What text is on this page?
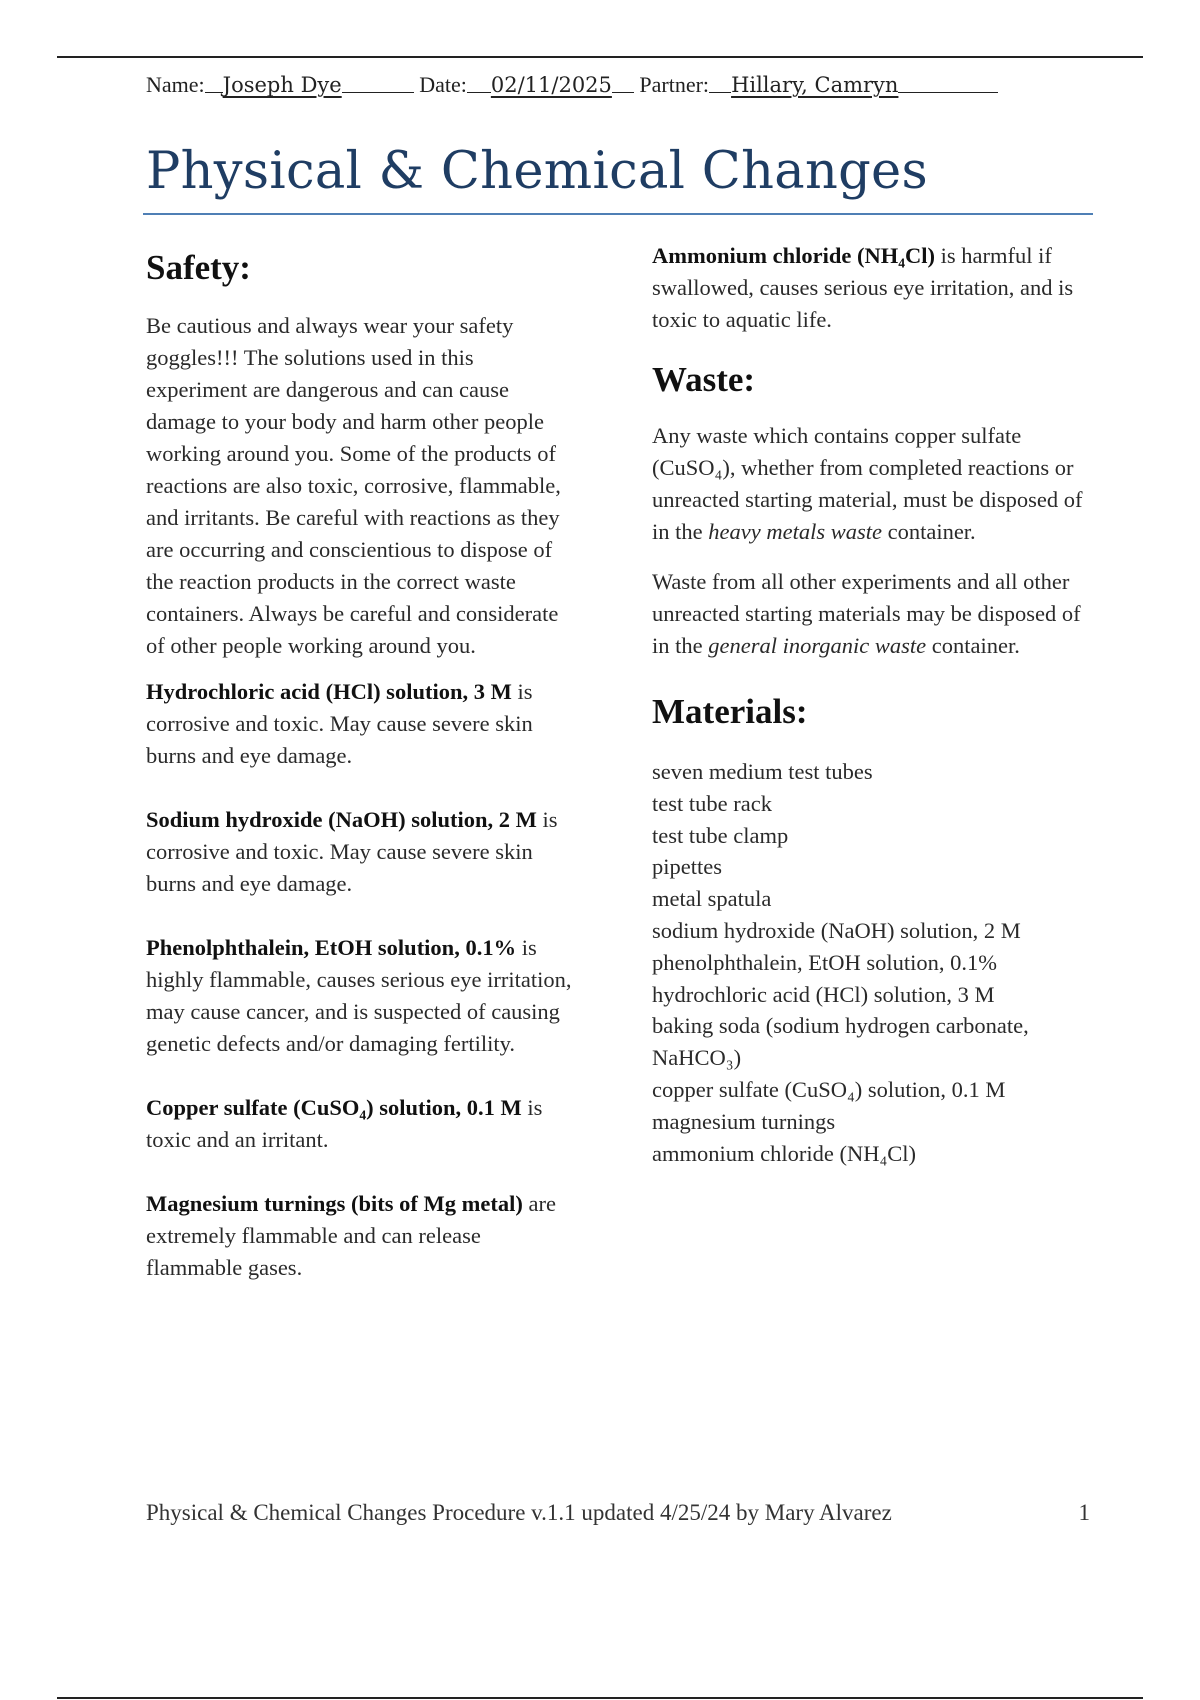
Name: Joseph Dye	Date: 02/11/2025 Partner: Hillary, Camryn
Physical & Chemical Changes
Safety:

Be cautious and always wear your safety goggles!!! The solutions used in this experiment are dangerous and can cause damage to your body and harm other people working around you. Some of the products of reactions are also toxic, corrosive, flammable, and irritants. Be careful with reactions as they are occurring and conscientious to dispose of the reaction products in the correct waste containers. Always be careful and considerate of other people working around you.

Hydrochloric acid (HCl) solution, 3 M is corrosive and toxic. May cause severe skin burns and eye damage.

Sodium hydroxide (NaOH) solution, 2 M is corrosive and toxic. May cause severe skin burns and eye damage.

Phenolphthalein, EtOH solution, 0.1% is highly flammable, causes serious eye irritation, may cause cancer, and is suspected of causing genetic defects and/or damaging fertility.

Copper sulfate (CuSO₄) solution, 0.1 M is toxic and an irritant.

Magnesium turnings (bits of Mg metal) are extremely flammable and can release flammable gases.

Ammonium chloride (NH₄Cl) is harmful if swallowed, causes serious eye irritation, and is toxic to aquatic life.

Waste:

Any waste which contains copper sulfate (CuSO₄), whether from completed reactions or unreacted starting material, must be disposed of in the heavy metals waste container.

Waste from all other experiments and all other unreacted starting materials may be disposed of in the general inorganic waste container.

Materials:
seven medium test tubes
test tube rack
test tube clamp
pipettes
metal spatula
sodium hydroxide (NaOH) solution, 2 M
phenolphthalein, EtOH solution, 0.1%
hydrochloric acid (HCl) solution, 3 M
baking soda (sodium hydrogen carbonate,
NaHCO₃)
copper sulfate (CuSO₄) solution, 0.1 M
magnesium turnings
ammonium chloride (NH₄Cl)
Physical & Chemical Changes Procedure v.1.1 updated 4/25/24 by Mary Alvarez	1
